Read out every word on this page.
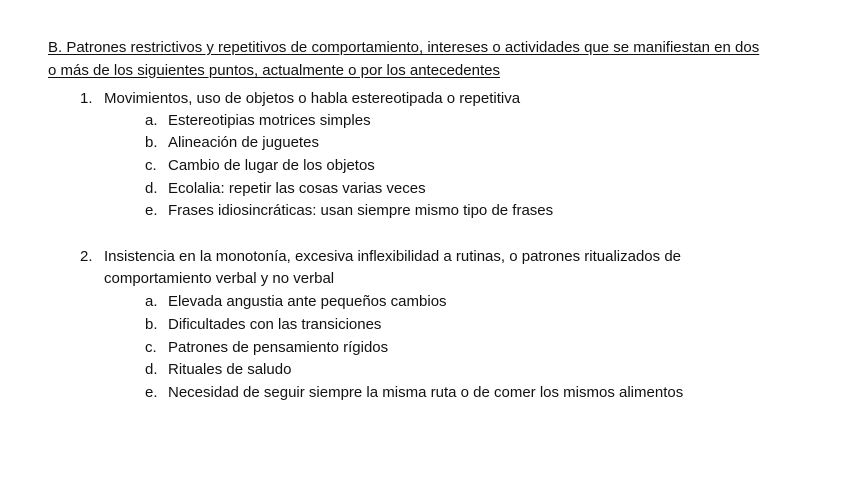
B. Patrones restrictivos y repetitivos de comportamiento, intereses o actividades que se manifiestan en dos
o más de los siguientes puntos, actualmente o por los antecedentes

1. Movimientos, uso de objetos o habla estereotipada o repetitiva
a. Estereotipias motrices simples
b. Alineación de juguetes
c. Cambio de lugar de los objetos
d. Ecolalia: repetir las cosas varias veces
e. Frases idiosincráticas: usan siempre mismo tipo de frases
2. Insistencia en la monotonía, excesiva inflexibilidad a rutinas, o patrones ritualizados de
comportamiento verbal y no verbal
a. Elevada angustia ante pequeños cambios
b. Dificultades con las transiciones
c. Patrones de pensamiento rígidos
d. Rituales de saludo
e. Necesidad de seguir siempre la misma ruta o de comer los mismos alimentos
